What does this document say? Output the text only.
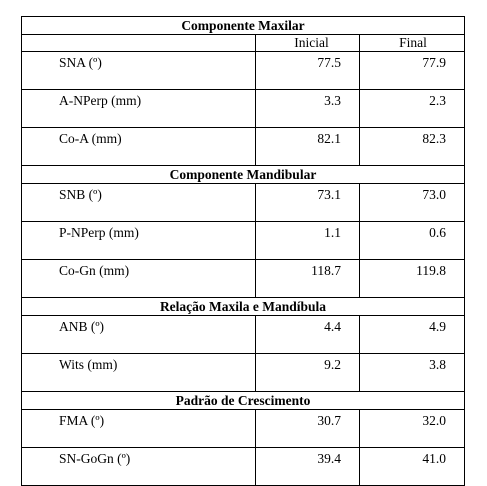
Componente Maxilar		
	Inicial	Final
SNA (º)	77.5	77.9
A-NPerp (mm)	3.3	2.3
Co-A (mm)	82.1	82.3
Componente Mandibular		
SNB (º)	73.1	73.0
P-NPerp (mm)	1.1	0.6
Co-Gn (mm)	118.7	119.8
Relação Maxila e Mandíbula		
ANB (º)	4.4	4.9
Wits (mm)	9.2	3.8
Padrão de Crescimento		
FMA (º)	30.7	32.0
SN-GoGn (º)	39.4	41.0
